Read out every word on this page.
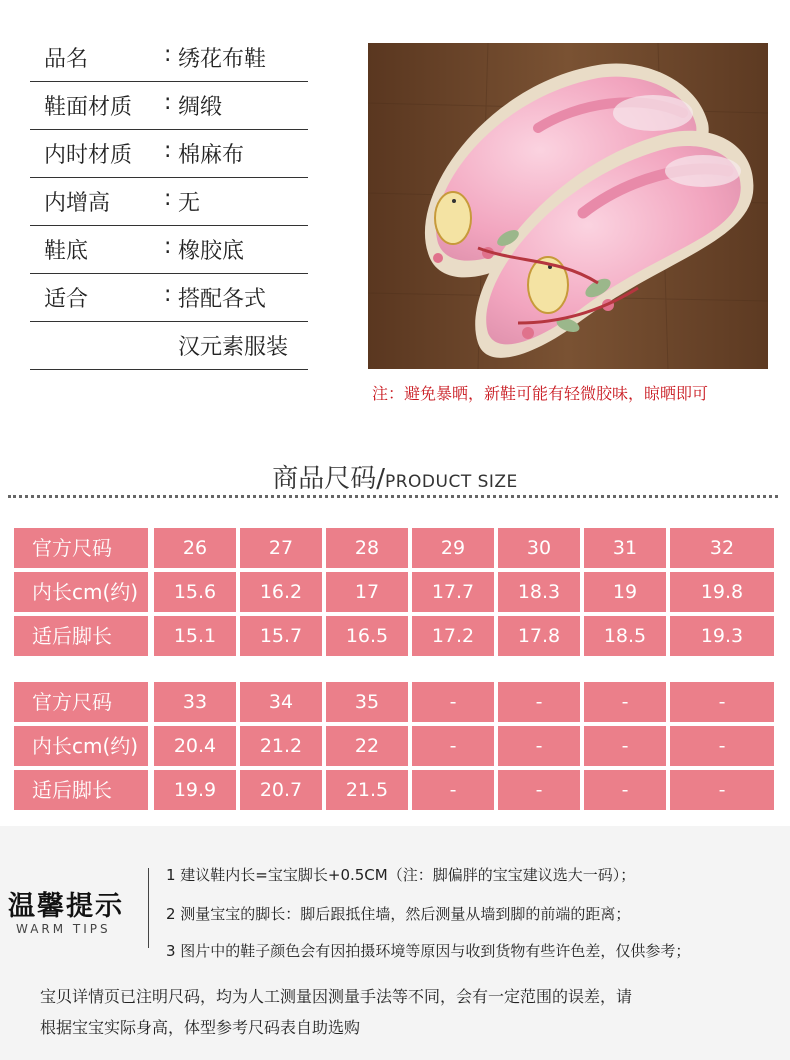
品名	: 绣花布鞋
鞋面材质	: 绸缎
内时材质	: 棉麻布
内增高	: 无
鞋底	: 橡胶底
适合	: 搭配各式
汉元素服装
注：避免暴晒，新鞋可能有轻微胶味，晾晒即可
商品尺码/PRODUCT SIZE
官方尺码	26	27	28	29	30	31	32
内长cm(约)	15.6	16.2	17	17.7	18.3	19	19.8
适后脚长	15.1	15.7	16.5	17.2	17.8	18.5	19.3
官方尺码	33	34	35	-	-	-	-
内长cm(约)	20.4	21.2	22	-	-	-	-
适后脚长	19.9	20.7	21.5	-	-	-	-
温馨提示
WARM TIPS
1 建议鞋内长=宝宝脚长+0.5CM（注：脚偏胖的宝宝建议选大一码）；
2 测量宝宝的脚长：脚后跟抵住墙，然后测量从墙到脚的前端的距离；
3 图片中的鞋子颜色会有因拍摄环境等原因与收到货物有些许色差，仅供参考；
宝贝详情页已注明尺码，均为人工测量因测量手法等不同，会有一定范围的误差，请
根据宝宝实际身高，体型参考尺码表自助选购
